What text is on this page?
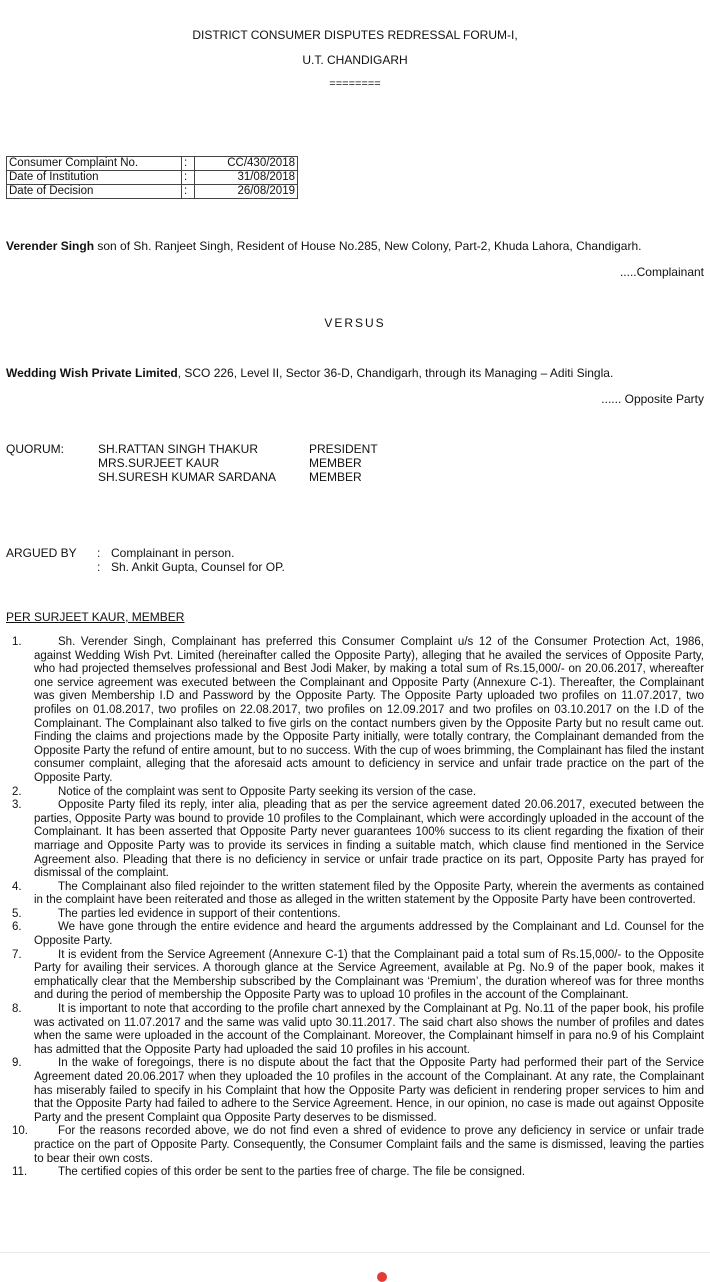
DISTRICT CONSUMER DISPUTES REDRESSAL FORUM-I,
U.T. CHANDIGARH
========
Consumer Complaint No.	:	CC/430/2018
Date of Institution	:	31/08/2018
Date of Decision	:	26/08/2019
Verender Singh son of Sh. Ranjeet Singh, Resident of House No.285, New Colony, Part-2, Khuda Lahora, Chandigarh.
.....Complainant
VERSUS
Wedding Wish Private Limited, SCO 226, Level II, Sector 36-D, Chandigarh, through its Managing – Aditi Singla.
...... Opposite Party
QUORUM:	SH.RATTAN SINGH THAKUR	PRESIDENT
MRS.SURJEET KAUR	MEMBER
SH.SURESH KUMAR SARDANA	MEMBER
ARGUED BY : Complainant in person.
: Sh. Ankit Gupta, Counsel for OP.
PER SURJEET KAUR, MEMBER
1.	Sh. Verender Singh, Complainant has preferred this Consumer Complaint u/s 12 of the Consumer Protection Act, 1986, against Wedding Wish Pvt. Limited (hereinafter called the Opposite Party), alleging that he availed the services of Opposite Party, who had projected themselves professional and Best Jodi Maker, by making a total sum of Rs.15,000/- on 20.06.2017, whereafter one service agreement was executed between the Complainant and Opposite Party (Annexure C-1). Thereafter, the Complainant was given Membership I.D and Password by the Opposite Party. The Opposite Party uploaded two profiles on 11.07.2017, two profiles on 01.08.2017, two profiles on 22.08.2017, two profiles on 12.09.2017 and two profiles on 03.10.2017 on the I.D of the Complainant. The Complainant also talked to five girls on the contact numbers given by the Opposite Party but no result came out. Finding the claims and projections made by the Opposite Party initially, were totally contrary, the Complainant demanded from the Opposite Party the refund of entire amount, but to no success. With the cup of woes brimming, the Complainant has filed the instant consumer complaint, alleging that the aforesaid acts amount to deficiency in service and unfair trade practice on the part of the Opposite Party.
2.	Notice of the complaint was sent to Opposite Party seeking its version of the case.
3.	Opposite Party filed its reply, inter alia, pleading that as per the service agreement dated 20.06.2017, executed between the parties, Opposite Party was bound to provide 10 profiles to the Complainant, which were accordingly uploaded in the account of the Complainant. It has been asserted that Opposite Party never guarantees 100% success to its client regarding the fixation of their marriage and Opposite Party was to provide its services in finding a suitable match, which clause find mentioned in the Service Agreement also. Pleading that there is no deficiency in service or unfair trade practice on its part, Opposite Party has prayed for dismissal of the complaint.
4.	The Complainant also filed rejoinder to the written statement filed by the Opposite Party, wherein the averments as contained in the complaint have been reiterated and those as alleged in the written statement by the Opposite Party have been controverted.
5.	The parties led evidence in support of their contentions.
6.	We have gone through the entire evidence and heard the arguments addressed by the Complainant and Ld. Counsel for the Opposite Party.
7.	It is evident from the Service Agreement (Annexure C-1) that the Complainant paid a total sum of Rs.15,000/- to the Opposite Party for availing their services. A thorough glance at the Service Agreement, available at Pg. No.9 of the paper book, makes it emphatically clear that the Membership subscribed by the Complainant was ‘Premium’, the duration whereof was for three months and during the period of membership the Opposite Party was to upload 10 profiles in the account of the Complainant.
8.	It is important to note that according to the profile chart annexed by the Complainant at Pg. No.11 of the paper book, his profile was activated on 11.07.2017 and the same was valid upto 30.11.2017. The said chart also shows the number of profiles and dates when the same were uploaded in the account of the Complainant. Moreover, the Complainant himself in para no.9 of his Complaint has admitted that the Opposite Party had uploaded the said 10 profiles in his account.
9.	In the wake of foregoings, there is no dispute about the fact that the Opposite Party had performed their part of the Service Agreement dated 20.06.2017 when they uploaded the 10 profiles in the account of the Complainant. At any rate, the Complainant has miserably failed to specify in his Complaint that how the Opposite Party was deficient in rendering proper services to him and that the Opposite Party had failed to adhere to the Service Agreement. Hence, in our opinion, no case is made out against Opposite Party and the present Complaint qua Opposite Party deserves to be dismissed.
10.	For the reasons recorded above, we do not find even a shred of evidence to prove any deficiency in service or unfair trade practice on the part of Opposite Party. Consequently, the Consumer Complaint fails and the same is dismissed, leaving the parties to bear their own costs.
11.	The certified copies of this order be sent to the parties free of charge. The file be consigned.
